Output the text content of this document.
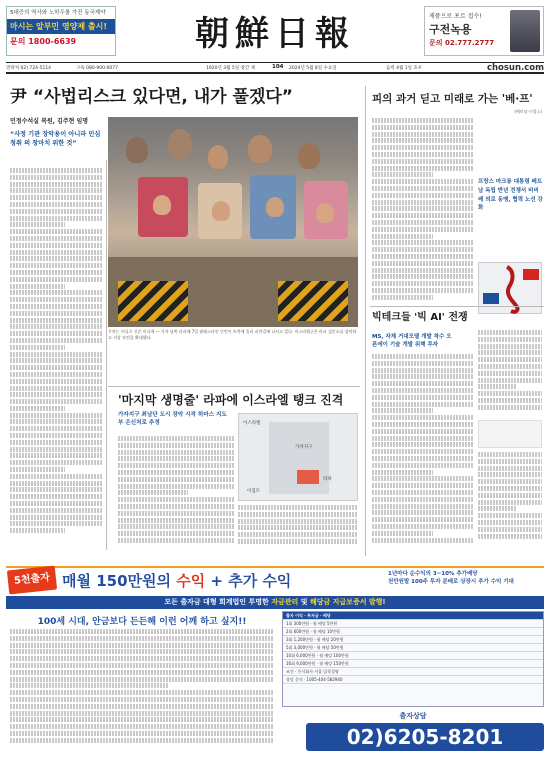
5대증의 역사와 노하우를 가진 동국제약
마시는 알부민 영양제 출시!
문의 1800-6639	朝鮮日報	제품으로 포르 접수!
구전녹용
문의 02.777.2777
연락처 02) 724-5114	구독 080-900-0077	1920년 3월 5일 창간 제	104 2024년 5월 8일 수요일	음력 4월 1일 호우	chosun.com
尹 “사법리스크 있다면, 내가 풀겠다”
민정수석실 복원, 김주현 임명
“사정 기관 장악용이 아니라 민심 청취 의 창마치 위한 것”
무차는 어디로 신준 어디에 — 가자 남쪽 라파에 7일 팔레스타인 난민이 트럭에 올라 피란길에 나서고 있다. 이스라엘군은 라파 검문소를 장악하고 지상 작전을 확대했다.
'마지막 생명줄' 라파에 이스라엘 탱크 진격
가자지구 최남단 도시 장악 시작 하마스 지도부 은신처로 추정	이스라엘
가자지구
라파
이집트
피의 과거 딛고 미래로 가는 '베·프'
(베트남·프랑스)
프랑스 마크롱 대통령 베트남 독립 반년 전쟁서 비비레 의로 동맹, 협력 노선 강화
빅테크들 '빅 AI' 전쟁
MS, 자체 거대모델 개발 착수 오픈에이 기술 개발 위해 투자

5천출자 매월 150만원의 수익 + 추가 수익	1년마다 순수익의 3~10% 추가배당
천만원발 100주 투자 분배로 상장시 추가 수익 기대
모든 출자금 대형 회계법인 투명한 자금관리 및 해당금 지급보증서 발행!
100세 시대, 안금보다 든든해 이런 어깨 하고 싶지!!
출자 이익 · 투자금 · 배당
1회 300만원 · 월 배당 5만원
2회 600만원 · 월 배당 10만원
3회 1,200만원 · 월 배당 20만원
5회 3,000만원 · 월 배당 50만원
10회 6,000만원 · 월 배당 100만원
16회 9,000만원 · 월 배당 150만원
조건 · 주식회사 서울 밀착경영
상담 문의 · 1005-404-582940
출자상담
02)6205-8201
